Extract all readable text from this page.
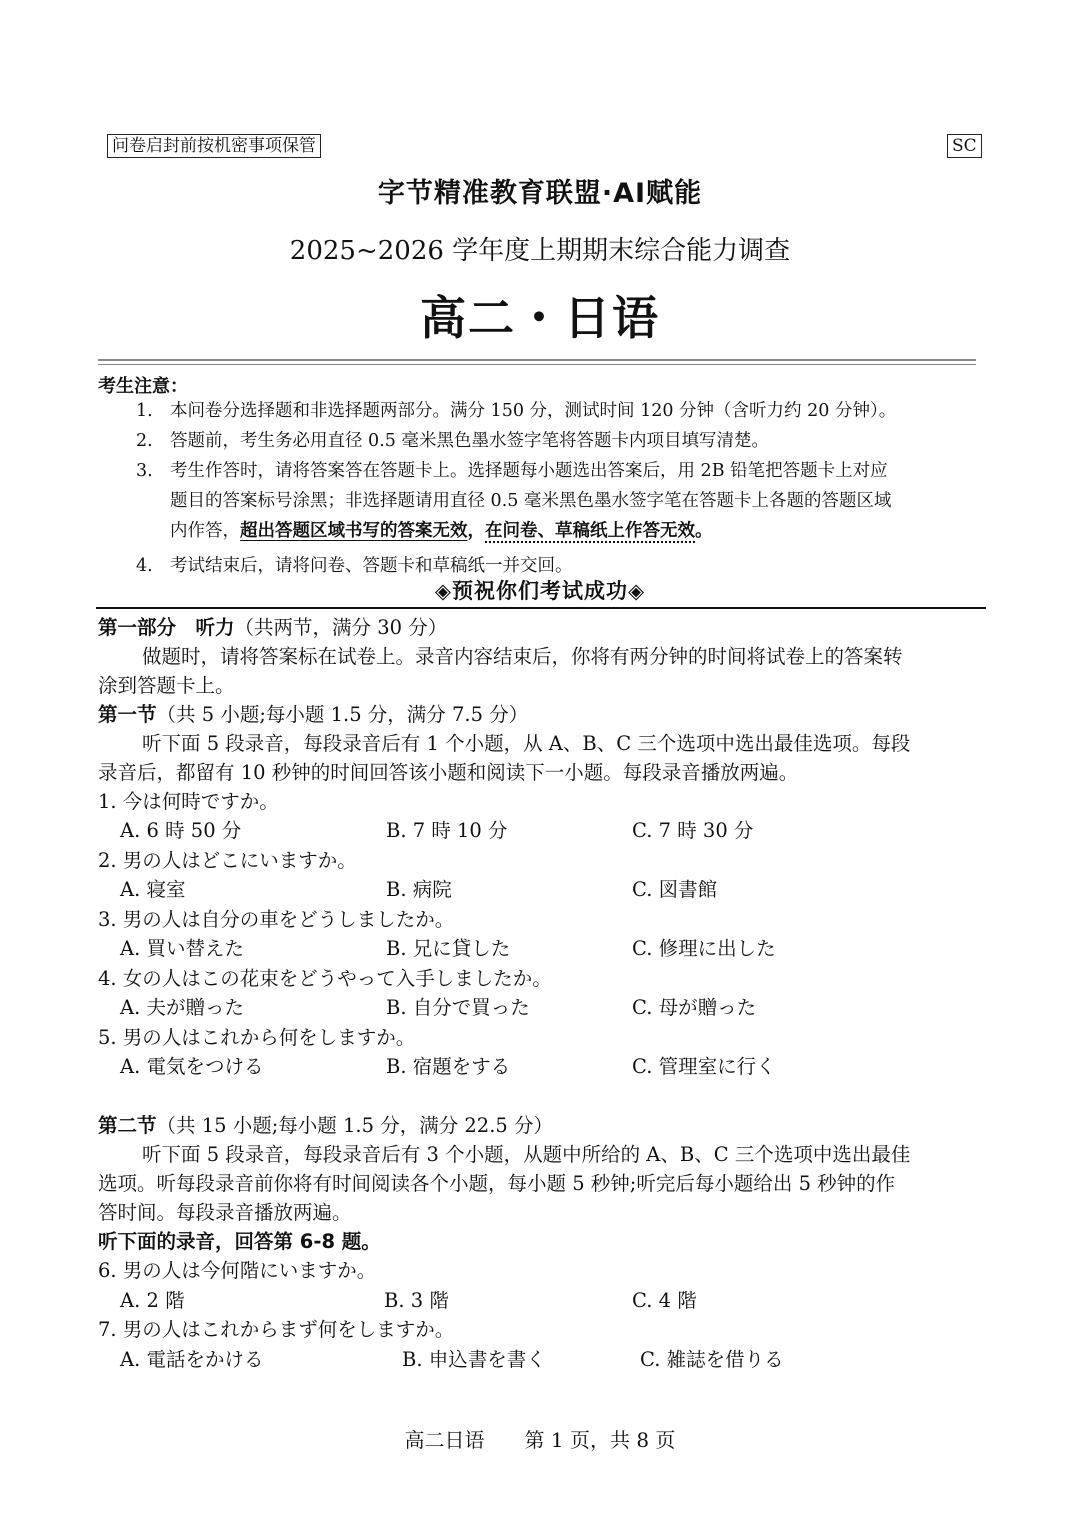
问卷启封前按机密事项保管	SC
字节精准教育联盟·AI赋能
2025~2026 学年度上期期末综合能力调查
高二・日语
考生注意：
1. 本问卷分选择题和非选择题两部分。满分 150 分，测试时间 120 分钟（含听力约 20 分钟）。
2. 答题前，考生务必用直径 0.5 毫米黑色墨水签字笔将答题卡内项目填写清楚。
3. 考生作答时，请将答案答在答题卡上。选择题每小题选出答案后，用 2B 铅笔把答题卡上对应
题目的答案标号涂黑；非选择题请用直径 0.5 毫米黑色墨水签字笔在答题卡上各题的答题区域
内作答，超出答题区域书写的答案无效，在问卷、草稿纸上作答无效。
4. 考试结束后，请将问卷、答题卡和草稿纸一并交回。
◈预祝你们考试成功◈
第一部分　听力（共两节，满分 30 分）
做题时，请将答案标在试卷上。录音内容结束后，你将有两分钟的时间将试卷上的答案转
涂到答题卡上。
第一节（共 5 小题;每小题 1.5 分，满分 7.5 分）
听下面 5 段录音，每段录音后有 1 个小题，从 A、B、C 三个选项中选出最佳选项。每段
录音后，都留有 10 秒钟的时间回答该小题和阅读下一小题。每段录音播放两遍。
1. 今は何時ですか。
A. 6 時 50 分	B. 7 時 10 分	C. 7 時 30 分
2. 男の人はどこにいますか。
A. 寝室	B. 病院	C. 図書館
3. 男の人は自分の車をどうしましたか。
A. 買い替えた	B. 兄に貸した	C. 修理に出した
4. 女の人はこの花束をどうやって入手しましたか。
A. 夫が贈った	B. 自分で買った	C. 母が贈った
5. 男の人はこれから何をしますか。
A. 電気をつける	B. 宿題をする	C. 管理室に行く
第二节（共 15 小题;每小题 1.5 分，满分 22.5 分）
听下面 5 段录音，每段录音后有 3 个小题，从题中所给的 A、B、C 三个选项中选出最佳
选项。听每段录音前你将有时间阅读各个小题，每小题 5 秒钟;听完后每小题给出 5 秒钟的作
答时间。每段录音播放两遍。
听下面的录音，回答第 6-8 题。
6. 男の人は今何階にいますか。
A. 2 階	B. 3 階	C. 4 階
7. 男の人はこれからまず何をしますか。
A. 電話をかける	B. 申込書を書く	C. 雑誌を借りる
高二日语　　第 1 页，共 8 页
